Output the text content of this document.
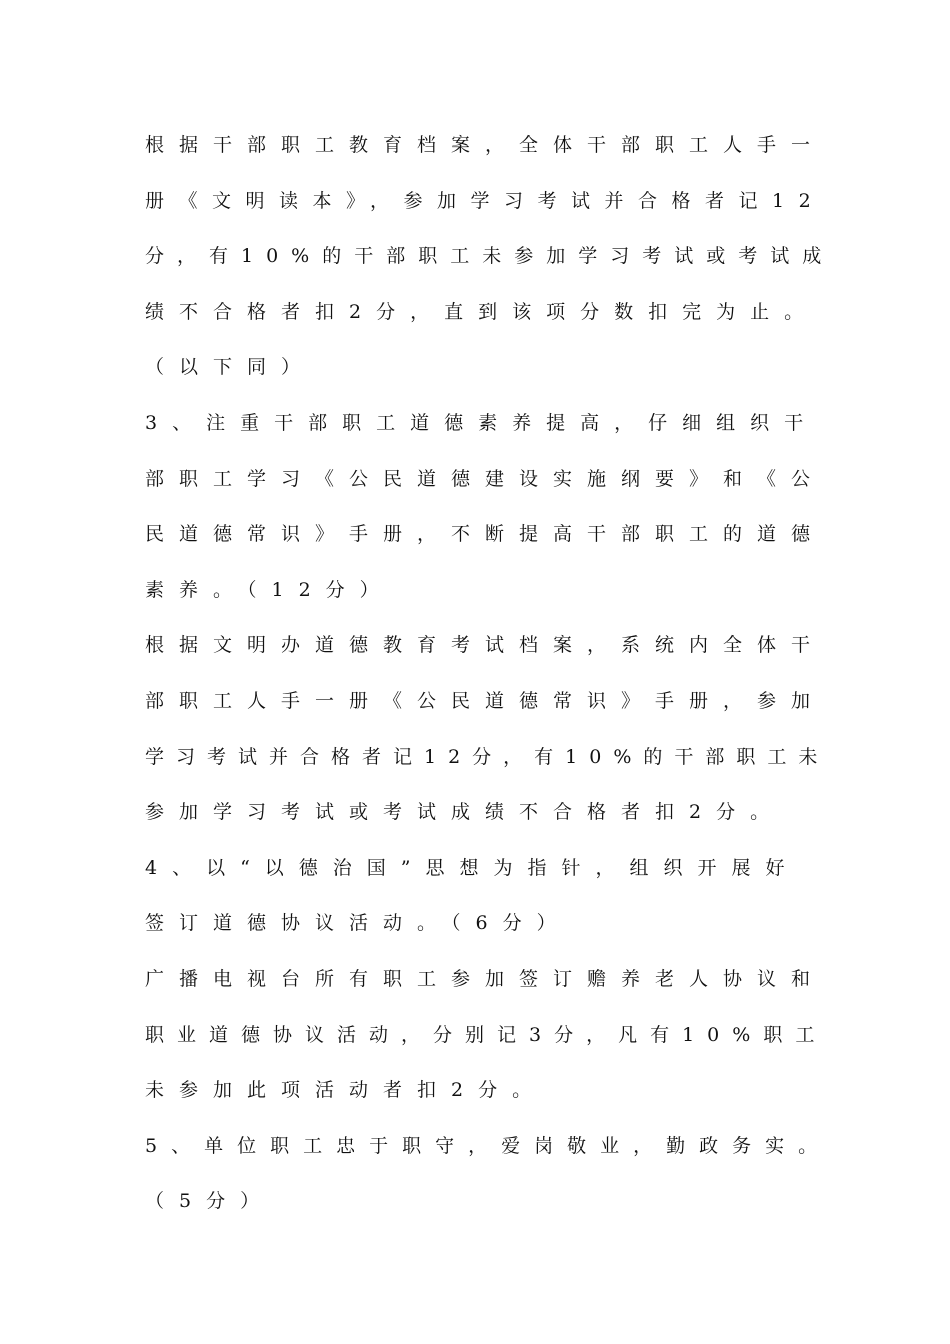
根据干部职工教育档案，全体干部职工人手一
册《文明读本》，参加学习考试并合格者记12
分，有10%的干部职工未参加学习考试或考试成
绩不合格者扣2分，直到该项分数扣完为止。
（以下同）
3、注重干部职工道德素养提高，仔细组织干
部职工学习《公民道德建设实施纲要》和《公
民道德常识》手册，不断提高干部职工的道德
素养。（12分）
根据文明办道德教育考试档案，系统内全体干
部职工人手一册《公民道德常识》手册，参加
学习考试并合格者记12分，有10%的干部职工未
参加学习考试或考试成绩不合格者扣2分。
4、以“以德治国”思想为指针，组织开展好
签订道德协议活动。（6分）
广播电视台所有职工参加签订赡养老人协议和
职业道德协议活动，分别记3分，凡有10%职工
未参加此项活动者扣2分。
5、单位职工忠于职守，爱岗敬业，勤政务实。
（5分）
